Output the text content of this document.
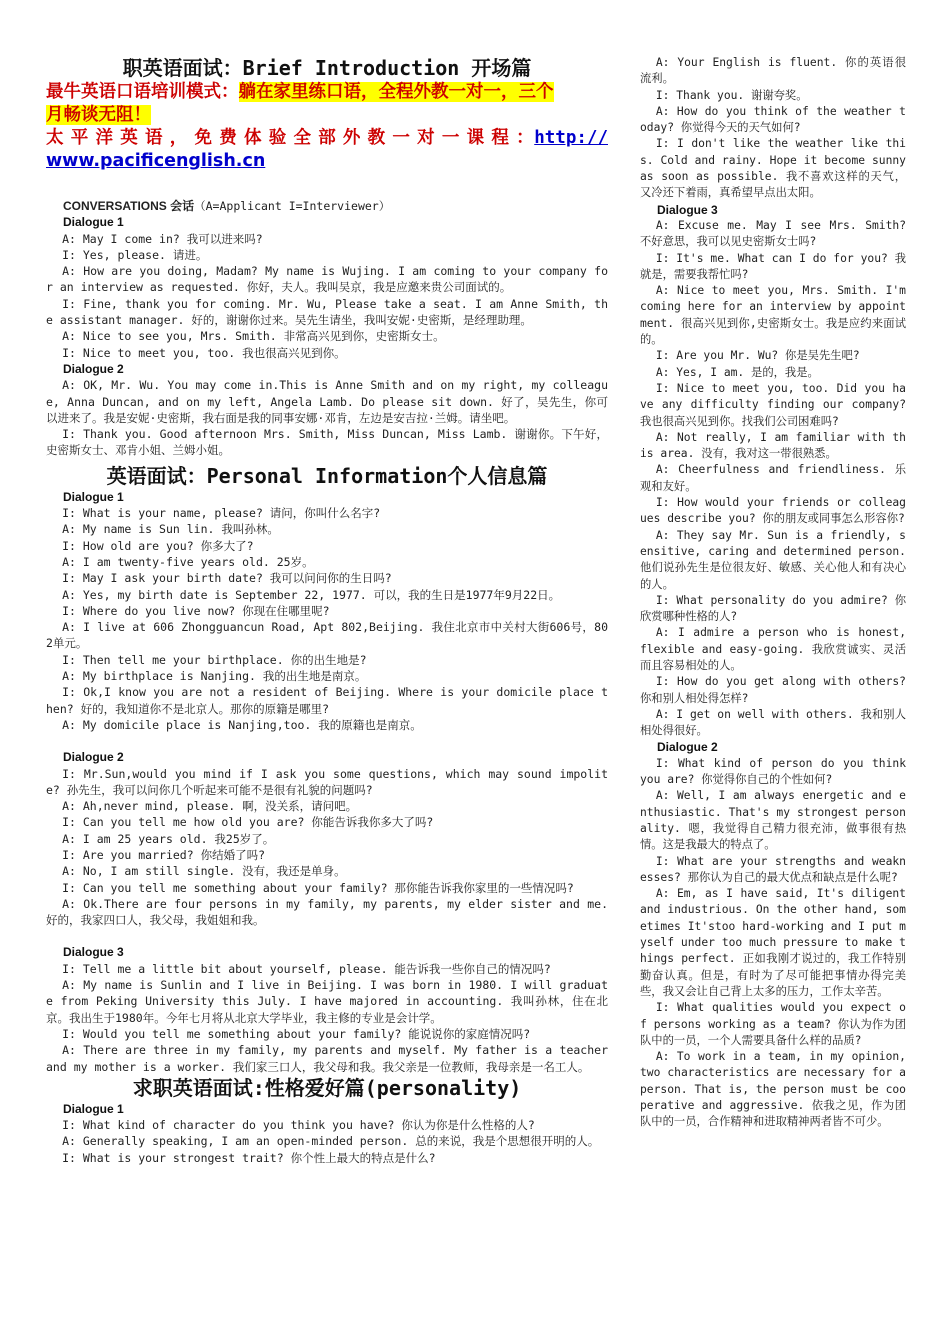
职英语面试：Brief Introduction 开场篇

最牛英语口语培训模式：躺在家里练口语，全程外教一对一，三个

月畅谈无阻！

太 平 洋 英 语 ， 免 费 体 验 全 部 外 教 一 对 一 课 程 ：http://

www.pacificenglish.cn

CONVERSATIONS 会话（A=Applicant I=Interviewer）

Dialogue 1

A: May I come in? 我可以进来吗?

I: Yes, please. 请进。

A: How are you doing, Madam? My name is Wujing. I am coming to your company for an interview as requested. 你好，夫人。我叫吴京，我是应邀来贵公司面试的。

I: Fine, thank you for coming. Mr. Wu, Please take a seat. I am Anne Smith, the assistant manager. 好的，谢谢你过来。吴先生请坐，我叫安妮·史密斯，是经理助理。

A: Nice to see you, Mrs. Smith. 非常高兴见到你，史密斯女士。

I: Nice to meet you, too. 我也很高兴见到你。

Dialogue 2

A: OK, Mr. Wu. You may come in.This is Anne Smith and on my right, my colleague, Anna Duncan, and on my left, Angela Lamb. Do please sit down. 好了，吴先生，你可以进来了。我是安妮·史密斯，我右面是我的同事安娜·邓肯，左边是安吉拉·兰姆。请坐吧。

I: Thank you. Good afternoon Mrs. Smith, Miss Duncan, Miss Lamb. 谢谢你。下午好，史密斯女士、邓肯小姐、兰姆小姐。

英语面试：Personal Information个人信息篇

Dialogue 1

I: What is your name, please? 请问，你叫什么名字?

A: My name is Sun lin. 我叫孙林。

I: How old are you? 你多大了?

A: I am twenty-five years old. 25岁。

I: May I ask your birth date? 我可以问问你的生日吗?

A: Yes, my birth date is September 22, 1977. 可以，我的生日是1977年9月22日。

I: Where do you live now? 你现在住哪里呢?

A: I live at 606 Zhongguancun Road, Apt 802,Beijing. 我住北京市中关村大街606号，802单元。

I: Then tell me your birthplace. 你的出生地是?

A: My birthplace is Nanjing. 我的出生地是南京。

I: Ok,I know you are not a resident of Beijing. Where is your domicile place then? 好的，我知道你不是北京人。那你的原籍是哪里?

A: My domicile place is Nanjing,too. 我的原籍也是南京。

Dialogue 2

I: Mr.Sun,would you mind if I ask you some questions, which may sound impolite? 孙先生，我可以问你几个听起来可能不是很有礼貌的问题吗?

A: Ah,never mind, please. 啊，没关系，请问吧。

I: Can you tell me how old you are? 你能告诉我你多大了吗?

A: I am 25 years old. 我25岁了。

I: Are you married? 你结婚了吗?

A: No, I am still single. 没有，我还是单身。

I: Can you tell me something about your family? 那你能告诉我你家里的一些情况吗?

A: Ok.There are four persons in my family, my parents, my elder sister and me. 好的，我家四口人，我父母，我姐姐和我。

Dialogue 3

I: Tell me a little bit about yourself, please. 能告诉我一些你自己的情况吗?

A: My name is Sunlin and I live in Beijing. I was born in 1980. I will graduate from Peking University this July. I have majored in accounting. 我叫孙林，住在北京。我出生于1980年。今年七月将从北京大学毕业，我主修的专业是会计学。

I: Would you tell me something about your family? 能说说你的家庭情况吗?

A: There are three in my family, my parents and myself. My father is a teacher and my mother is a worker. 我们家三口人，我父母和我。我父亲是一位教师，我母亲是一名工人。

求职英语面试:性格爱好篇(personality)

Dialogue 1

I: What kind of character do you think you have? 你认为你是什么性格的人?

A: Generally speaking, I am an open-minded person. 总的来说，我是个思想很开明的人。

I: What is your strongest trait? 你个性上最大的特点是什么?

A: Your English is fluent. 你的英语很流利。

I: Thank you. 谢谢夸奖。

A: How do you think of the weather today? 你觉得今天的天气如何?

I: I don't like the weather like this. Cold and rainy. Hope it become sunny as soon as possible. 我不喜欢这样的天气，又冷还下着雨，真希望早点出太阳。

Dialogue 3

A: Excuse me. May I see Mrs. Smith? 不好意思，我可以见史密斯女士吗?

I: It's me. What can I do for you? 我就是，需要我帮忙吗?

A: Nice to meet you, Mrs. Smith. I'm coming here for an interview by appointment. 很高兴见到你,史密斯女士。我是应约来面试的。

I: Are you Mr. Wu? 你是吴先生吧?

A: Yes, I am. 是的，我是。

I: Nice to meet you, too. Did you have any difficulty finding our company? 我也很高兴见到你。找我们公司困难吗?

A: Not really, I am familiar with this area. 没有，我对这一带很熟悉。

A: Cheerfulness and friendliness. 乐观和友好。

I: How would your friends or colleagues describe you? 你的朋友或同事怎么形容你?

A: They say Mr. Sun is a friendly, sensitive, caring and determined person. 他们说孙先生是位很友好、敏感、关心他人和有决心的人。

I: What personality do you admire? 你欣赏哪种性格的人?

A: I admire a person who is honest, flexible and easy-going. 我欣赏诚实、灵活而且容易相处的人。

I: How do you get along with others? 你和别人相处得怎样?

A: I get on well with others. 我和别人相处得很好。

Dialogue 2

I: What kind of person do you think you are? 你觉得你自己的个性如何?

A: Well, I am always energetic and enthusiastic. That's my strongest personality. 嗯，我觉得自己精力很充沛，做事很有热情。这是我最大的特点了。

I: What are your strengths and weaknesses? 那你认为自己的最大优点和缺点是什么呢?

A: Em, as I have said, It's diligent and industrious. On the other hand, sometimes It'stoo hard-working and I put myself under too much pressure to make things perfect. 正如我刚才说过的，我工作特别勤奋认真。但是，有时为了尽可能把事情办得完美些，我又会让自己背上太多的压力，工作太辛苦。

I: What qualities would you expect of persons working as a team? 你认为作为团队中的一员，一个人需要具备什么样的品质?

A: To work in a team, in my opinion, two characteristics are necessary for a person. That is, the person must be cooperative and aggressive. 依我之见，作为团队中的一员，合作精神和进取精神两者皆不可少。
